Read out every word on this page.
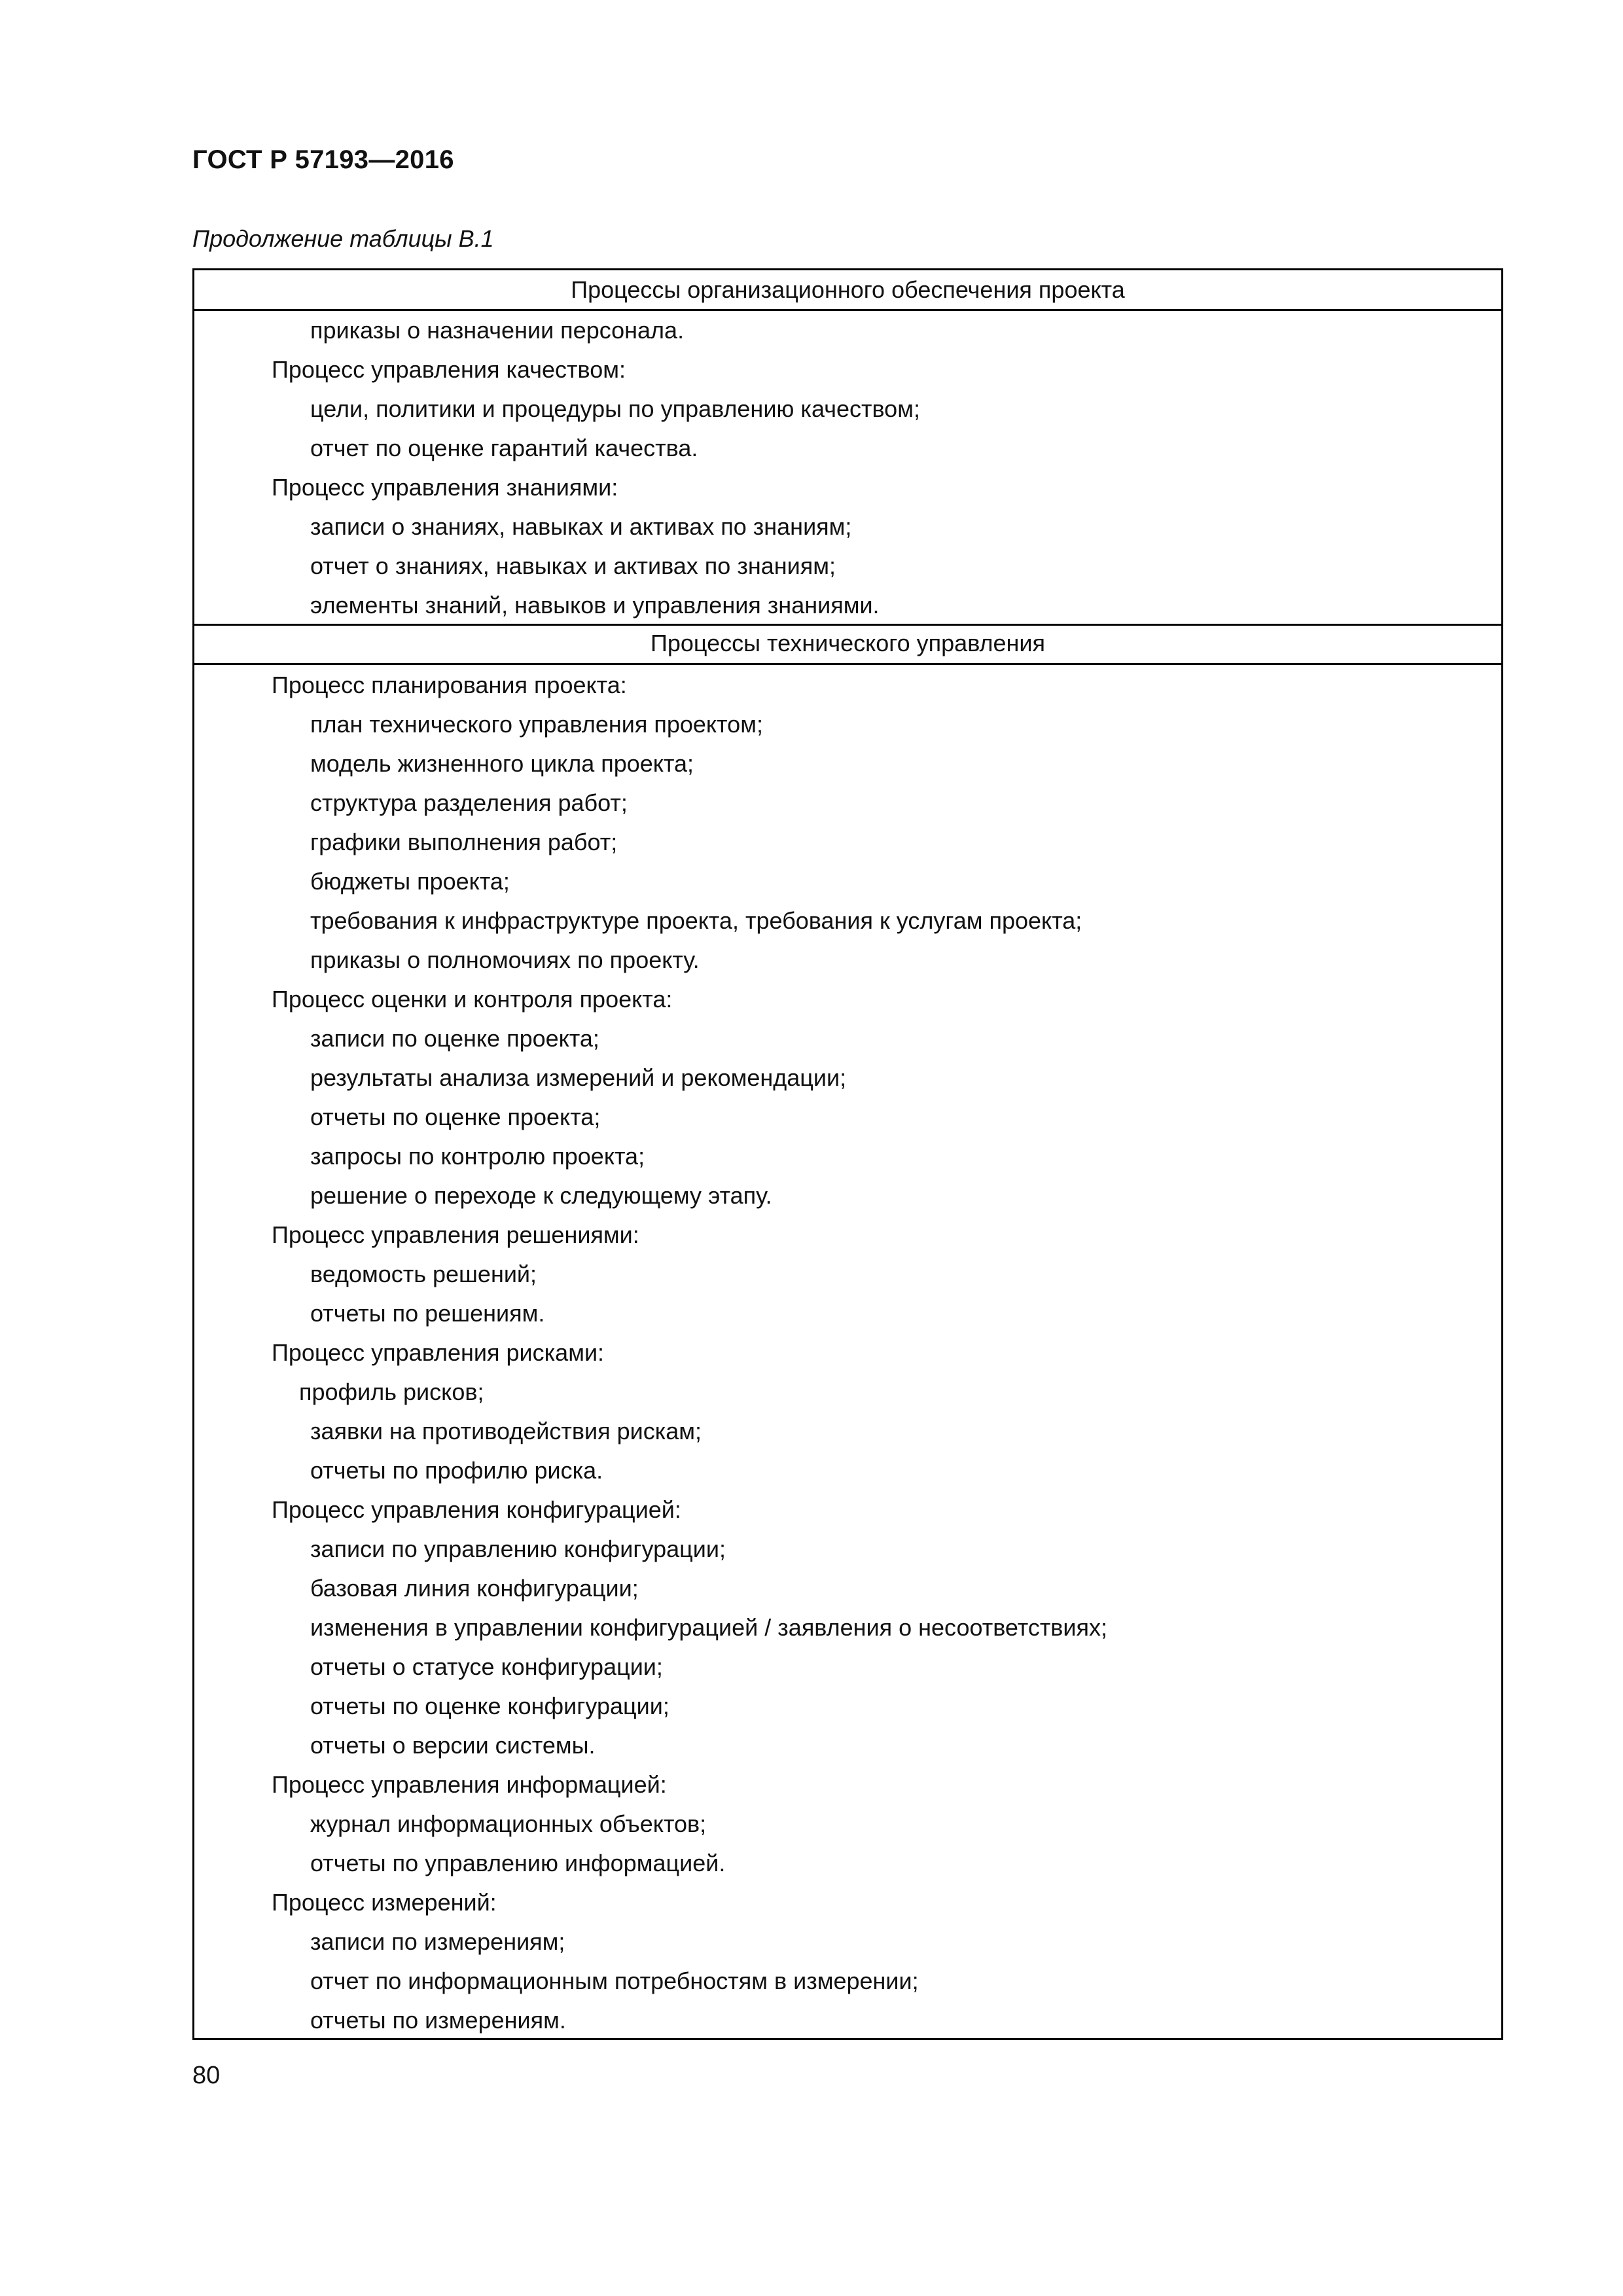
ГОСТ Р 57193—2016
Продолжение таблицы В.1
Процессы организационного обеспечения проекта
приказы о назначении персонала.
Процесс управления качеством:
цели, политики и процедуры по управлению качеством;
отчет по оценке гарантий качества.
Процесс управления знаниями:
записи о знаниях, навыках и активах по знаниям;
отчет о знаниях, навыках и активах по знаниям;
элементы знаний, навыков и управления знаниями.
Процессы технического управления
Процесс планирования проекта:
план технического управления проектом;
модель жизненного цикла проекта;
структура разделения работ;
графики выполнения работ;
бюджеты проекта;
требования к инфраструктуре проекта, требования к услугам проекта;
приказы о полномочиях по проекту.
Процесс оценки и контроля проекта:
записи по оценке проекта;
результаты анализа измерений и рекомендации;
отчеты по оценке проекта;
запросы по контролю проекта;
решение о переходе к следующему этапу.
Процесс управления решениями:
ведомость решений;
отчеты по решениям.
Процесс управления рисками:
профиль рисков;
заявки на противодействия рискам;
отчеты по профилю риска.
Процесс управления конфигурацией:
записи по управлению конфигурации;
базовая линия конфигурации;
изменения в управлении конфигурацией / заявления о несоответствиях;
отчеты о статусе конфигурации;
отчеты по оценке конфигурации;
отчеты о версии системы.
Процесс управления информацией:
журнал информационных объектов;
отчеты по управлению информацией.
Процесс измерений:
записи по измерениям;
отчет по информационным потребностям в измерении;
отчеты по измерениям.
80
